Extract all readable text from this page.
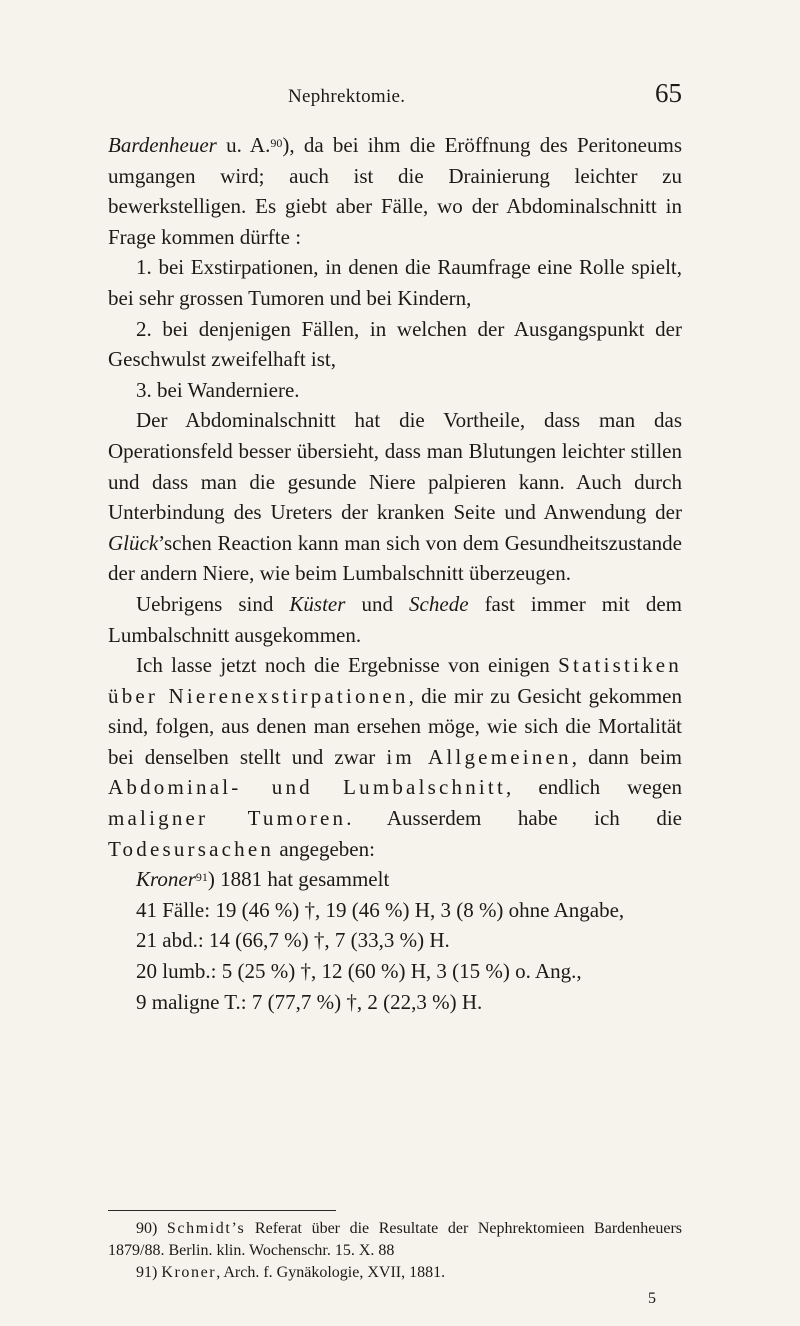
Nephrektomie.	65

Bardenheuer u. A.$^{90}$), da bei ihm die Eröffnung des Peritoneums umgangen wird; auch ist die Drainierung leichter zu bewerkstelligen. Es giebt aber Fälle, wo der Abdominalschnitt in Frage kommen dürfte :

1. bei Exstirpationen, in denen die Raumfrage eine Rolle spielt, bei sehr grossen Tumoren und bei Kindern,

2. bei denjenigen Fällen, in welchen der Ausgangspunkt der Geschwulst zweifelhaft ist,

3. bei Wanderniere.

Der Abdominalschnitt hat die Vortheile, dass man das Operationsfeld besser übersieht, dass man Blutungen leichter stillen und dass man die gesunde Niere palpieren kann. Auch durch Unterbindung des Ureters der kranken Seite und Anwendung der Glück’schen Reaction kann man sich von dem Gesundheitszustande der andern Niere, wie beim Lumbalschnitt überzeugen.

Uebrigens sind Küster und Schede fast immer mit dem Lumbalschnitt ausgekommen.

Ich lasse jetzt noch die Ergebnisse von einigen Statistiken über Nierenexstirpationen, die mir zu Gesicht gekommen sind, folgen, aus denen man ersehen möge, wie sich die Mortalität bei denselben stellt und zwar im Allgemeinen, dann beim Abdominal- und Lumbalschnitt, endlich wegen maligner Tumoren. Ausserdem habe ich die Todesursachen angegeben:

Kroner$^{91}$) 1881 hat gesammelt

41 Fälle: 19 (46 %) †, 19 (46 %) H, 3 (8 %) ohne Angabe,
21 abd.: 14 (66,7 %) †, 7 (33,3 %) H.
20 lumb.: 5 (25 %) †, 12 (60 %) H, 3 (15 %) o. Ang.,
9 maligne T.: 7 (77,7 %) †, 2 (22,3 %) H.

90) Schmidt’s Referat über die Resultate der Nephrektomieen Bardenheuers 1879/88. Berlin. klin. Wochenschr. 15. X. 88

91) Kroner, Arch. f. Gynäkologie, XVII, 1881.

5
